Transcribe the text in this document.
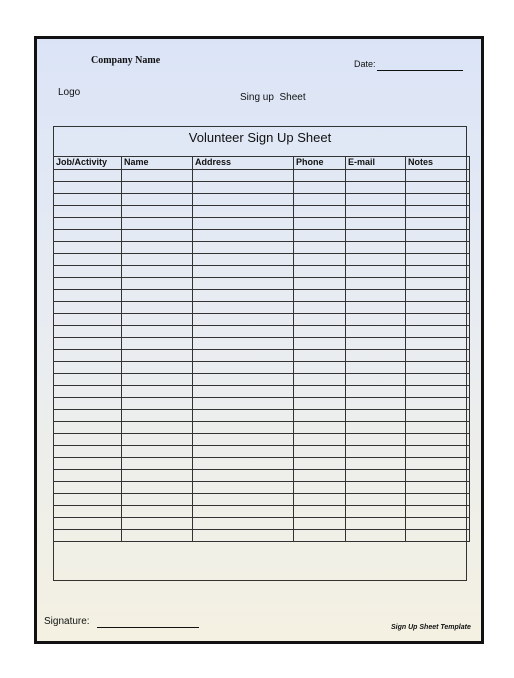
Company Name	Date:
Logo	Sing up  Sheet
Volunteer Sign Up Sheet
Job/Activity	Name	Address	Phone	E-mail	Notes

Signature:
Sign Up Sheet Template
